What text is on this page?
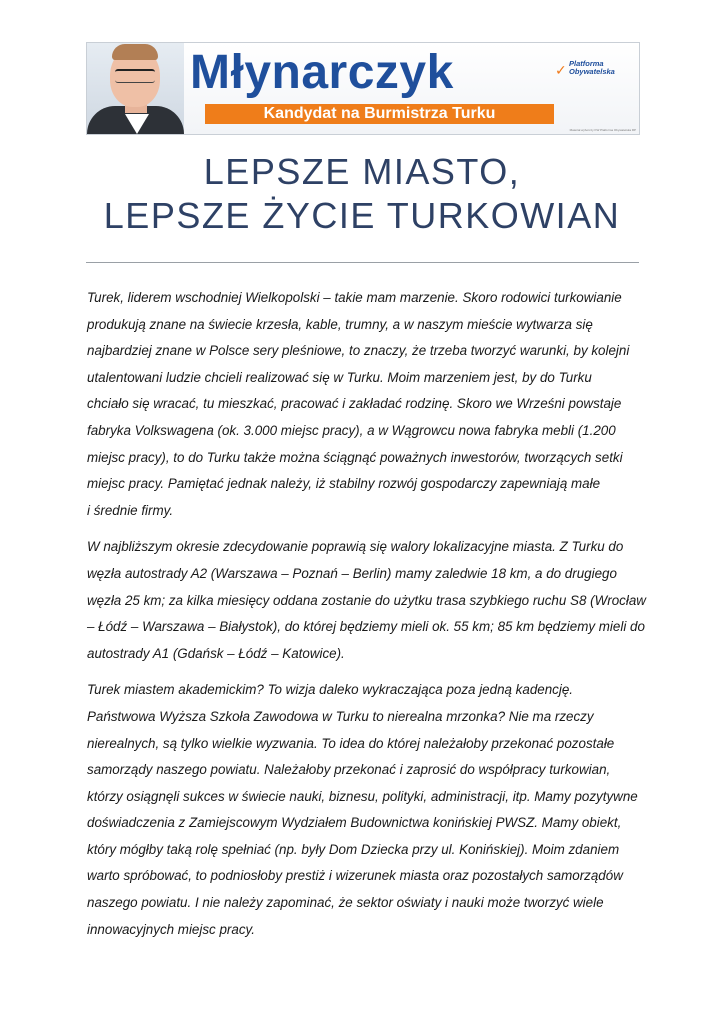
Młynarczyk	✓ Platforma
Obywatelska
Kandydat na Burmistrza Turku
Materiał wyborczy KW Platforma Obywatelska RP
LEPSZE MIASTO,
LEPSZE ŻYCIE TURKOWIAN

Turek, liderem wschodniej Wielkopolski – takie mam marzenie. Skoro rodowici turkowianie
produkują znane na świecie krzesła, kable, trumny, a w naszym mieście wytwarza się
najbardziej znane w Polsce sery pleśniowe, to znaczy, że trzeba tworzyć warunki, by kolejni
utalentowani ludzie chcieli realizować się w Turku. Moim marzeniem jest, by do Turku
chciało się wracać, tu mieszkać, pracować i zakładać rodzinę. Skoro we Wrześni powstaje
fabryka Volkswagena (ok. 3.000 miejsc pracy), a w Wągrowcu nowa fabryka mebli (1.200
miejsc pracy), to do Turku także można ściągnąć poważnych inwestorów, tworzących setki
miejsc pracy. Pamiętać jednak należy, iż stabilny rozwój gospodarczy zapewniają małe
i średnie firmy.

W najbliższym okresie zdecydowanie poprawią się walory lokalizacyjne miasta. Z Turku do
węzła autostrady A2 (Warszawa – Poznań – Berlin) mamy zaledwie 18 km, a do drugiego
węzła 25 km; za kilka miesięcy oddana zostanie do użytku trasa szybkiego ruchu S8 (Wrocław
– Łódź – Warszawa – Białystok), do której będziemy mieli ok. 55 km; 85 km będziemy mieli do
autostrady A1 (Gdańsk – Łódź – Katowice).

Turek miastem akademickim? To wizja daleko wykraczająca poza jedną kadencję.
Państwowa Wyższa Szkoła Zawodowa w Turku to nierealna mrzonka? Nie ma rzeczy
nierealnych, są tylko wielkie wyzwania. To idea do której należałoby przekonać pozostałe
samorządy naszego powiatu. Należałoby przekonać i zaprosić do współpracy turkowian,
którzy osiągnęli sukces w świecie nauki, biznesu, polityki, administracji, itp. Mamy pozytywne
doświadczenia z Zamiejscowym Wydziałem Budownictwa konińskiej PWSZ. Mamy obiekt,
który mógłby taką rolę spełniać (np. były Dom Dziecka przy ul. Konińskiej). Moim zdaniem
warto spróbować, to podniosłoby prestiż i wizerunek miasta oraz pozostałych samorządów
naszego powiatu. I nie należy zapominać, że sektor oświaty i nauki może tworzyć wiele
innowacyjnych miejsc pracy.
